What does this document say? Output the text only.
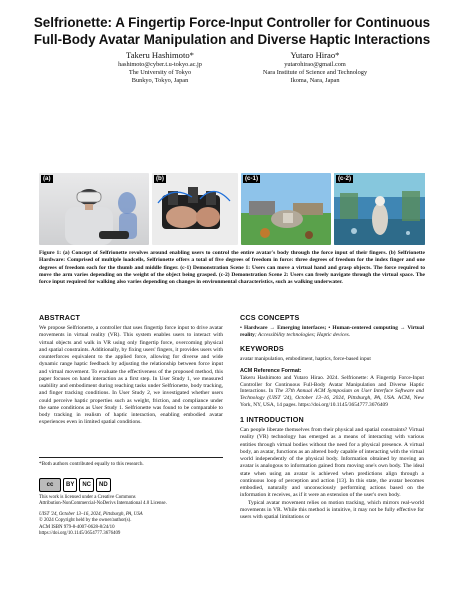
Selfrionette: A Fingertip Force-Input Controller for Continuous
Full-Body Avatar Manipulation and Diverse Haptic Interactions
Takeru Hashimoto*
hashimoto@cyber.t.u-tokyo.ac.jp
The University of Tokyo
Bunkyo, Tokyo, Japan
Yutaro Hirao*
yutarohirao@gmail.com
Nara Institute of Science and Technology
Ikoma, Nara, Japan
(a)	(b)	(c-1)	(c-2)
Figure 1: (a) Concept of Selfrionette revolves around enabling users to control the entire avatar's body through the force input of their fingers. (b) Selfrionette Hardware: Comprised of multiple loadcells, Selfrionette offers a total of five degrees of freedom in force: three degrees of freedom for the index finger and one degrees of freedom each for the thumb and middle finger. (c-1) Demonstration Scene 1: Users can move a virtual hand and grasp objects. The force required to move the arm varies depending on the weight of the object being grasped. (c-2) Demonstration Scene 2: Users can freely navigate through the virtual space. The force input required for walking also varies depending on changes in environmental characteristics, such as walking underwater.
ABSTRACT

We propose Selfrionette, a controller that uses fingertip force input to drive avatar movements in virtual reality (VR). This system enables users to interact with virtual objects and walk in VR using only fingertip force, overcoming physical and spatial constraints. Additionally, by fixing users' fingers, it provides users with counterforces equivalent to the applied force, allowing for diverse and wide dynamic range haptic feedback by adjusting the relationship between force input and virtual movement. To evaluate the effectiveness of the proposed method, this paper focuses on hand interaction as a first step. In User Study 1, we measured usability and embodiment during reaching tasks under Selfrionette, body tracking, and finger tracking conditions. In User Study 2, we investigated whether users could perceive haptic properties such as weight, friction, and compliance under the same conditions as User Study 1. Selfrionette was found to be comparable to body tracking in realism of haptic interaction, enabling embodied avatar experiences even in limited spatial conditions.

*Both authors contributed equally to this research.
cc	BY	NC	ND
This work is licensed under a Creative Commons
Attribution-NonCommercial-NoDerivs International 4.0 License.
UIST '24, October 13–16, 2024, Pittsburgh, PA, USA
© 2024 Copyright held by the owner/author(s).
ACM ISBN 979-8-4007-0628-8/24/10
https://doi.org/10.1145/3654777.3676409
CCS CONCEPTS

• Hardware → Emerging interfaces; • Human-centered computing → Virtual reality; Accessibility technologies; Haptic devices.

KEYWORDS

avatar manipulation, embodiment, haptics, force-based input

ACM Reference Format:

Takeru Hashimoto and Yutaro Hirao. 2024. Selfrionette: A Fingertip Force-Input Controller for Continuous Full-Body Avatar Manipulation and Diverse Haptic Interactions. In The 37th Annual ACM Symposium on User Interface Software and Technology (UIST '24), October 13–16, 2024, Pittsburgh, PA, USA. ACM, New York, NY, USA, 14 pages. https://doi.org/10.1145/3654777.3676409

1 INTRODUCTION

Can people liberate themselves from their physical and spatial constraints? Virtual reality (VR) technology has emerged as a means of interacting with various entities through virtual bodies without the need for a physical presence. A virtual body, an avatar, functions as an altered body capable of interacting with the virtual world independently of the physical body. Information obtained by moving an avatar is analogous to information gained from moving one's own body. The ideal state when using an avatar is achieved when predictions align through a continuous loop of perception and action [13]. In this state, the avatar becomes embodied, naturally and unconsciously performing actions based on the information it receives, as if it were an extension of the user's own body.

Typical avatar movement relies on motion tracking, which mirrors real-world movements in VR. While this method is intuitive, it may not be fully effective for users with spatial limitations or
